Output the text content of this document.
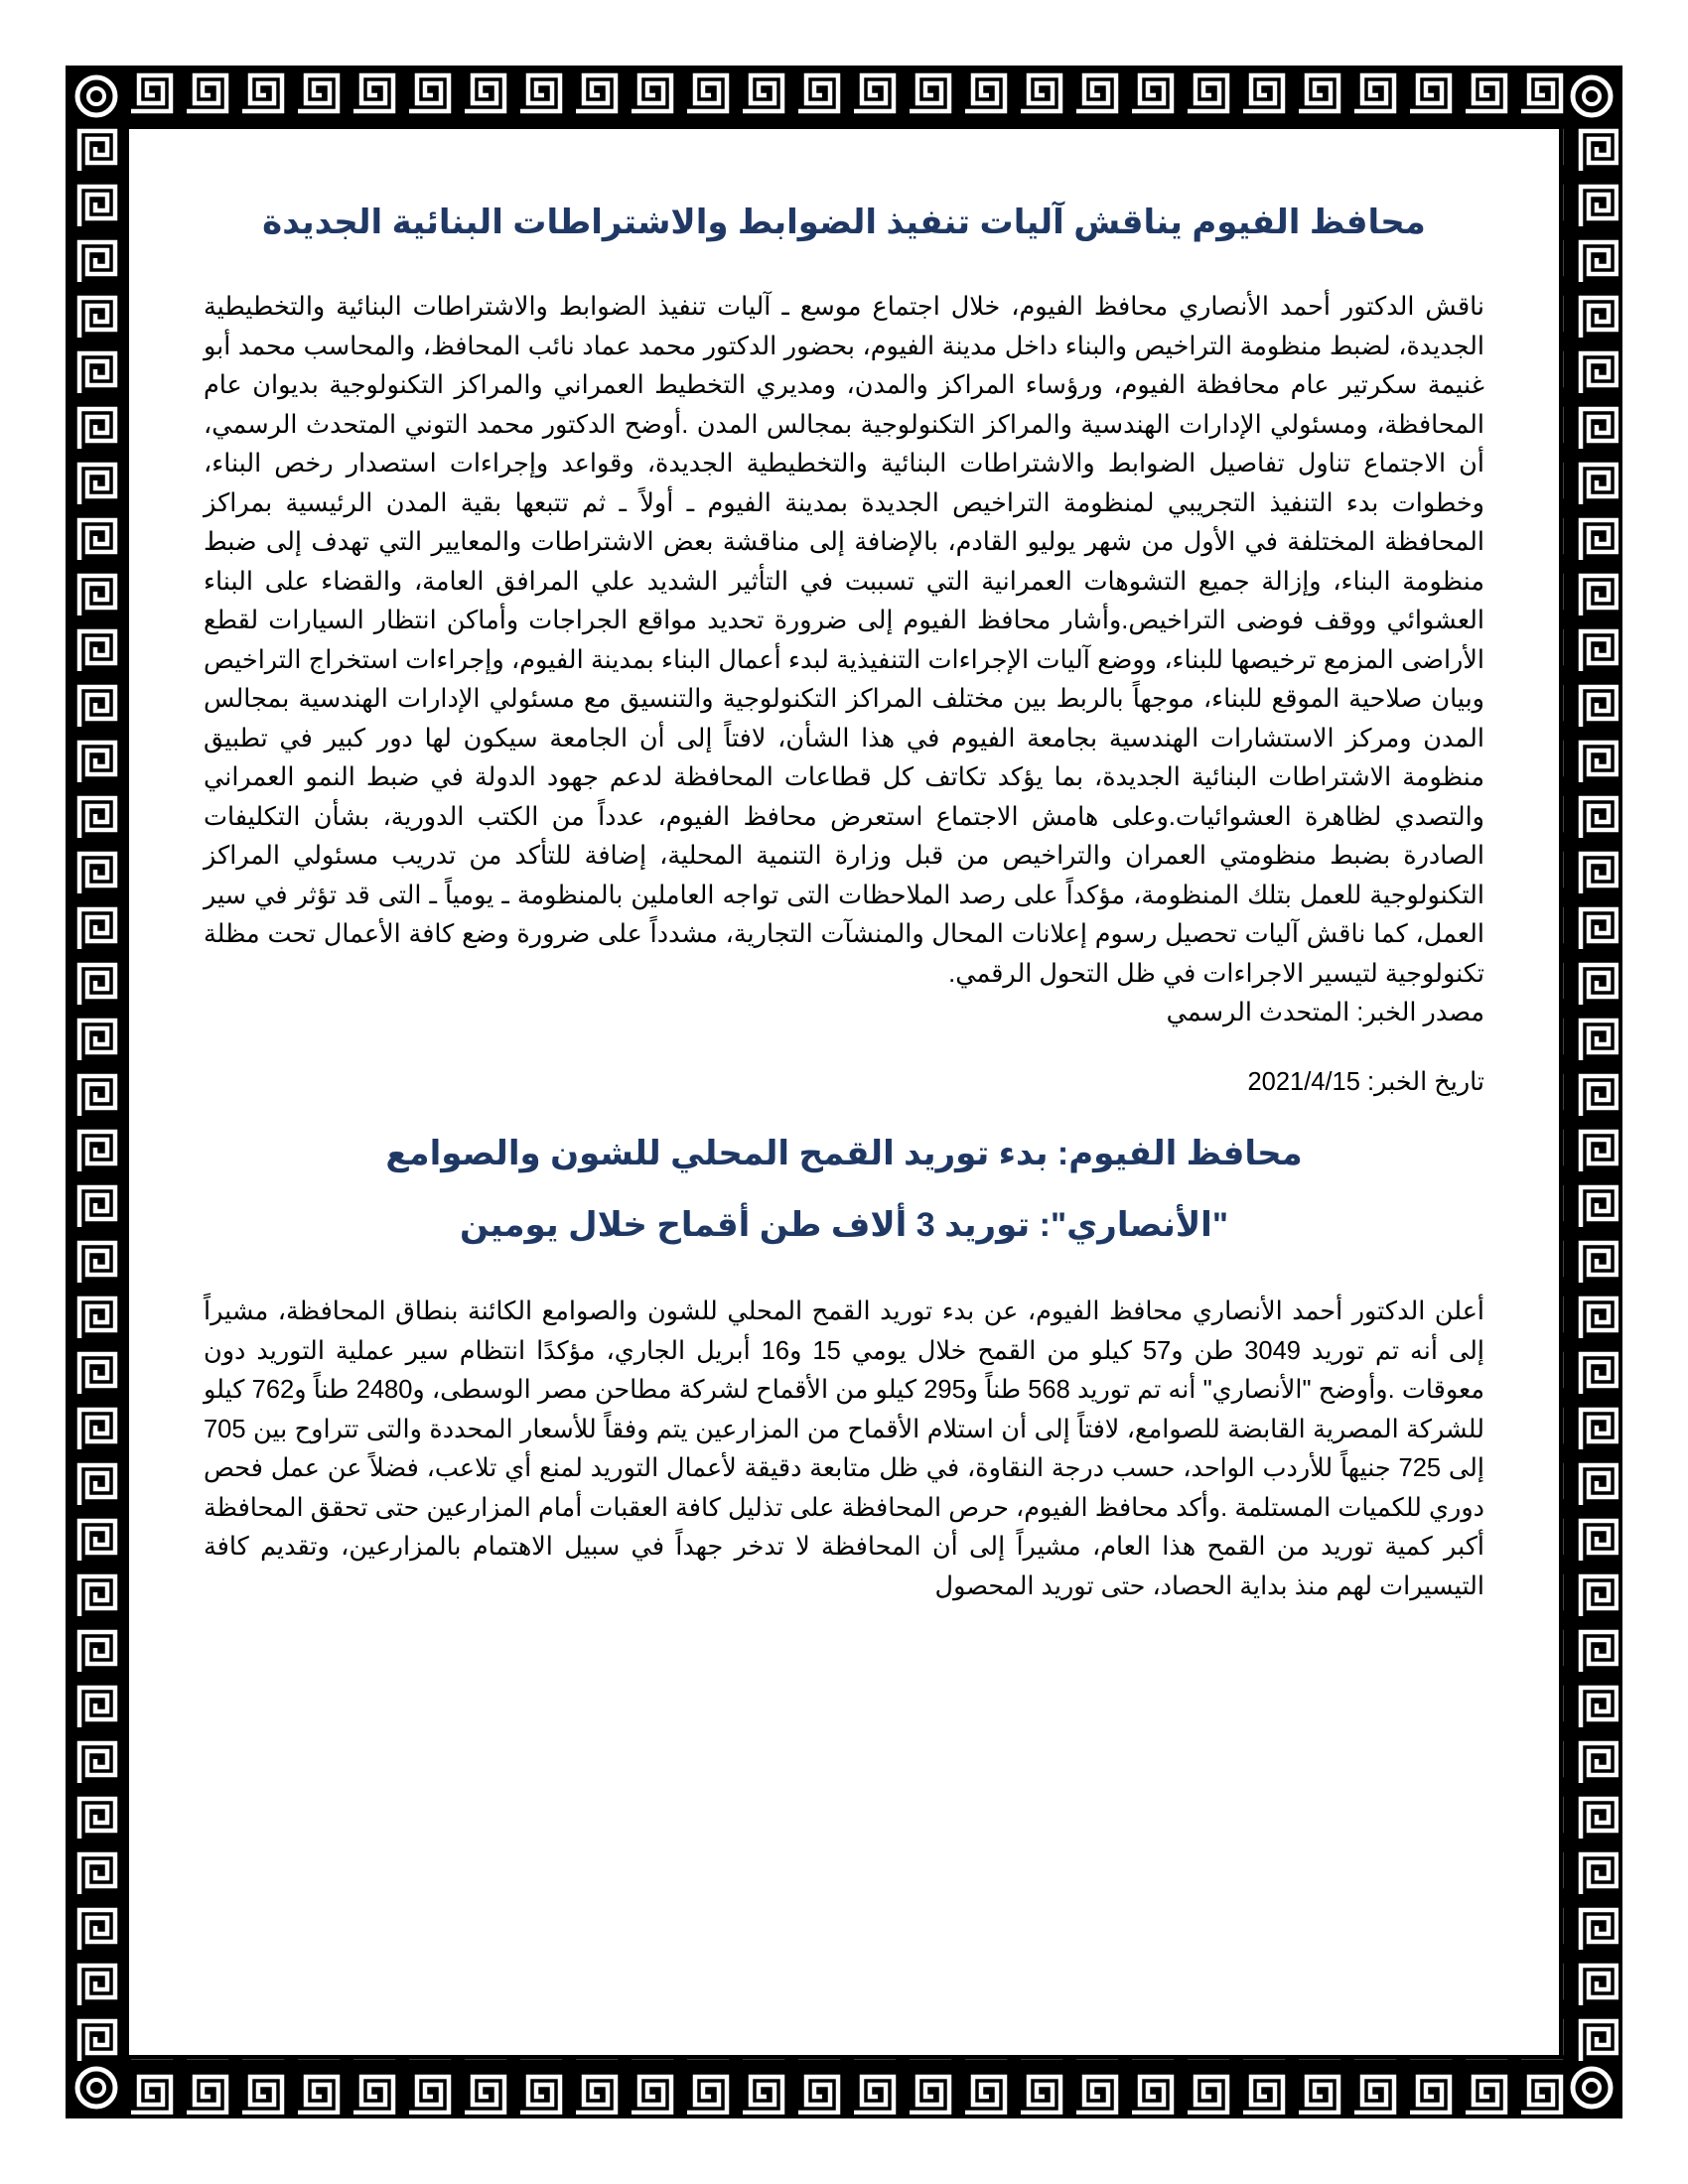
محافظ الفيوم يناقش آليات تنفيذ الضوابط والاشتراطات البنائية الجديدة

ناقش الدكتور أحمد الأنصاري محافظ الفيوم، خلال اجتماع موسع ـ آليات تنفيذ الضوابط والاشتراطات البنائية والتخطيطية الجديدة، لضبط منظومة التراخيص والبناء داخل مدينة الفيوم، بحضور الدكتور محمد عماد نائب المحافظ، والمحاسب محمد أبو غنيمة سكرتير عام محافظة الفيوم، ورؤساء المراكز والمدن، ومديري التخطيط العمراني والمراكز التكنولوجية بديوان عام المحافظة، ومسئولي الإدارات الهندسية والمراكز التكنولوجية بمجالس المدن .أوضح الدكتور محمد التوني المتحدث الرسمي، أن الاجتماع تناول تفاصيل الضوابط والاشتراطات البنائية والتخطيطية الجديدة، وقواعد وإجراءات استصدار رخص البناء، وخطوات بدء التنفيذ التجريبي لمنظومة التراخيص الجديدة بمدينة الفيوم ـ أولاً ـ ثم تتبعها بقية المدن الرئيسية بمراكز المحافظة المختلفة في الأول من شهر يوليو القادم، بالإضافة إلى مناقشة بعض الاشتراطات والمعايير التي تهدف إلى ضبط منظومة البناء، وإزالة جميع التشوهات العمرانية التي تسببت في التأثير الشديد علي المرافق العامة، والقضاء على البناء العشوائي ووقف فوضى التراخيص.وأشار محافظ الفيوم إلى ضرورة تحديد مواقع الجراجات وأماكن انتظار السيارات لقطع الأراضى المزمع ترخيصها للبناء، ووضع آليات الإجراءات التنفيذية لبدء أعمال البناء بمدينة الفيوم، وإجراءات استخراج التراخيص وبيان صلاحية الموقع للبناء، موجهاً بالربط بين مختلف المراكز التكنولوجية والتنسيق مع مسئولي الإدارات الهندسية بمجالس المدن ومركز الاستشارات الهندسية بجامعة الفيوم في هذا الشأن، لافتاً إلى أن الجامعة سيكون لها دور كبير في تطبيق منظومة الاشتراطات البنائية الجديدة، بما يؤكد تكاتف كل قطاعات المحافظة لدعم جهود الدولة في ضبط النمو العمراني والتصدي لظاهرة العشوائيات.وعلى هامش الاجتماع استعرض محافظ الفيوم، عدداً من الكتب الدورية، بشأن التكليفات الصادرة بضبط منظومتي العمران والتراخيص من قبل وزارة التنمية المحلية، إضافة للتأكد من تدريب مسئولي المراكز التكنولوجية للعمل بتلك المنظومة، مؤكداً على رصد الملاحظات التى تواجه العاملين بالمنظومة ـ يومياً ـ التى قد تؤثر في سير العمل، كما ناقش آليات تحصيل رسوم إعلانات المحال والمنشآت التجارية، مشدداً على ضرورة وضع كافة الأعمال تحت مظلة تكنولوجية لتيسير الاجراءات في ظل التحول الرقمي.

مصدر الخبر: المتحدث الرسمي

تاريخ الخبر: 2021/4/15

محافظ الفيوم: بدء توريد القمح المحلي للشون والصوامع
"الأنصاري": توريد 3 ألاف طن أقماح خلال يومين

أعلن الدكتور أحمد الأنصاري محافظ الفيوم، عن بدء توريد القمح المحلي للشون والصوامع الكائنة بنطاق المحافظة، مشيراً إلى أنه تم توريد 3049 طن و57 كيلو من القمح خلال يومي 15 و16 أبريل الجاري، مؤكدًا انتظام سير عملية التوريد دون معوقات .وأوضح "الأنصاري" أنه تم توريد 568 طناً و295 كيلو من الأقماح لشركة مطاحن مصر الوسطى، و2480 طناً و762 كيلو للشركة المصرية القابضة للصوامع، لافتاً إلى أن استلام الأقماح من المزارعين يتم وفقاً للأسعار المحددة والتى تتراوح بين 705 إلى 725 جنيهاً للأردب الواحد، حسب درجة النقاوة، في ظل متابعة دقيقة لأعمال التوريد لمنع أي تلاعب، فضلاً عن عمل فحص دوري للكميات المستلمة .وأكد محافظ الفيوم، حرص المحافظة على تذليل كافة العقبات أمام المزارعين حتى تحقق المحافظة أكبر كمية توريد من القمح هذا العام، مشيراً إلى أن المحافظة لا تدخر جهداً في سبيل الاهتمام بالمزارعين، وتقديم كافة التيسيرات لهم منذ بداية الحصاد، حتى توريد المحصول
